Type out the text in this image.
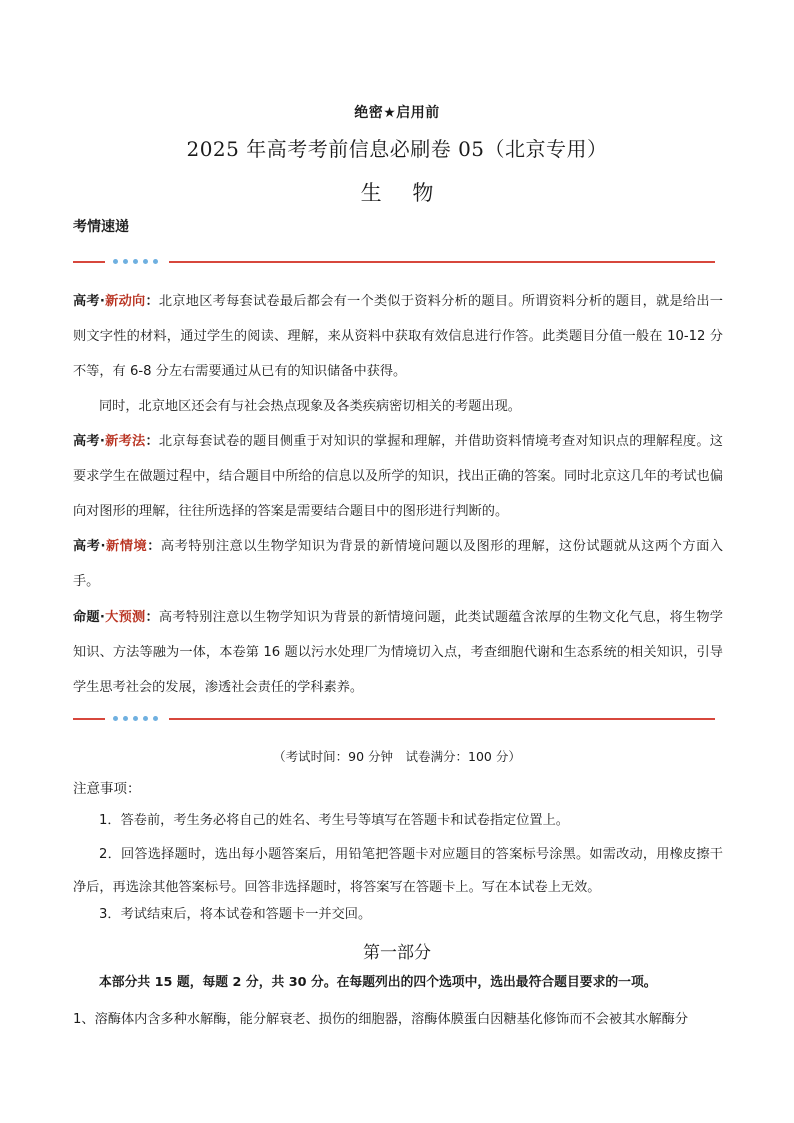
绝密★启用前
2025 年高考考前信息必刷卷 05（北京专用）
生 物
考情速递
高考·新动向：北京地区考每套试卷最后都会有一个类似于资料分析的题目。所谓资料分析的题目，就是给出一则文字性的材料，通过学生的阅读、理解，来从资料中获取有效信息进行作答。此类题目分值一般在 10-12 分不等，有 6-8 分左右需要通过从已有的知识储备中获得。
同时，北京地区还会有与社会热点现象及各类疾病密切相关的考题出现。
高考·新考法：北京每套试卷的题目侧重于对知识的掌握和理解，并借助资料情境考查对知识点的理解程度。这要求学生在做题过程中，结合题目中所给的信息以及所学的知识，找出正确的答案。同时北京这几年的考试也偏向对图形的理解，往往所选择的答案是需要结合题目中的图形进行判断的。
高考·新情境：高考特别注意以生物学知识为背景的新情境问题以及图形的理解，这份试题就从这两个方面入手。
命题·大预测：高考特别注意以生物学知识为背景的新情境问题，此类试题蕴含浓厚的生物文化气息，将生物学知识、方法等融为一体，本卷第 16 题以污水处理厂为情境切入点，考查细胞代谢和生态系统的相关知识，引导学生思考社会的发展，渗透社会责任的学科素养。
（考试时间：90 分钟　试卷满分：100 分）
注意事项：
1．答卷前，考生务必将自己的姓名、考生号等填写在答题卡和试卷指定位置上。
2．回答选择题时，选出每小题答案后，用铅笔把答题卡对应题目的答案标号涂黑。如需改动，用橡皮擦干净后，再选涂其他答案标号。回答非选择题时，将答案写在答题卡上。写在本试卷上无效。
3．考试结束后，将本试卷和答题卡一并交回。
第一部分
本部分共 15 题，每题 2 分，共 30 分。在每题列出的四个选项中，选出最符合题目要求的一项。
1、溶酶体内含多种水解酶，能分解衰老、损伤的细胞器，溶酶体膜蛋白因糖基化修饰而不会被其水解酶分
